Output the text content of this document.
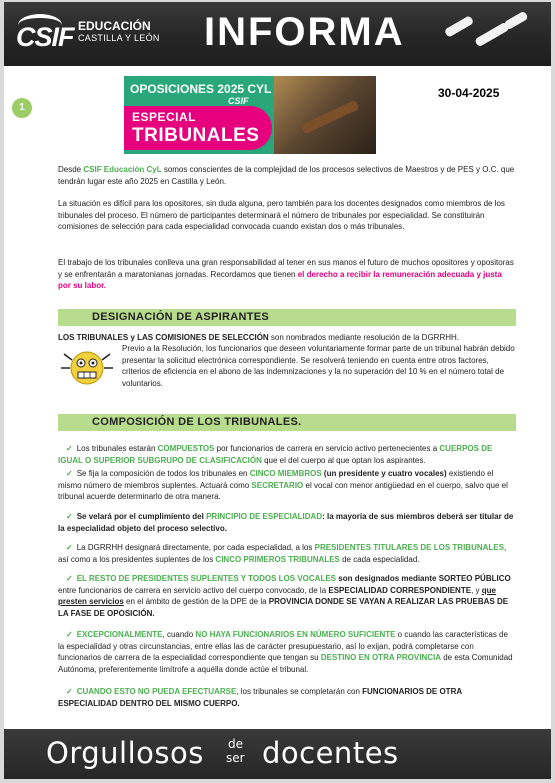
CSIF EDUCACIÓN
CASTILLA Y LEÓN INFORMA
OPOSICIONES 2025 CYL
CSIF
ESPECIAL
TRIBUNALES
30-04-2025
1

Desde CSIF Educación CyL somos conscientes de la complejidad de los procesos selectivos de Maestros y de PES y O.C. que tendrán lugar este año 2025 en Castilla y León.

La situación es difícil para los opositores, sin duda alguna, pero también para los docentes designados como miembros de los tribunales del proceso. El número de participantes determinará el número de tribunales por especialidad. Se constituirán comisiones de selección para cada especialidad convocada cuando existan dos o más tribunales.

El trabajo de los tribunales conlleva una gran responsabilidad al tener en sus manos el futuro de muchos opositores y opositoras y se enfrentarán a maratonianas jornadas. Recordamos que tienen el derecho a recibir la remuneración adecuada y justa por su labor.

DESIGNACIÓN DE ASPIRANTES

LOS TRIBUNALES y LAS COMISIONES DE SELECCIÓN son nombrados mediante resolución de la DGRRHH.

Previo a la Resolución, los funcionarios que deseen voluntariamente formar parte de un tribunal habrán debido presentar la solicitud electrónica correspondiente. Se resolverá teniendo en cuenta entre otros factores, criterios de eficiencia en el abono de las indemnizaciones y la no superación del 10 % en el número total de voluntarios.

COMPOSICIÓN DE LOS TRIBUNALES.

✓ Los tribunales estarán COMPUESTOS por funcionarios de carrera en servicio activo pertenecientes a CUERPOS DE IGUAL O SUPERIOR SUBGRUPO DE CLASIFICACIÓN que el del cuerpo al que optan los aspirantes.

✓ Se fija la composición de todos los tribunales en CINCO MIEMBROS (un presidente y cuatro vocales) existiendo el mismo número de miembros suplentes. Actuará como SECRETARIO el vocal con menor antigüedad en el cuerpo, salvo que el tribunal acuerde determinarlo de otra manera.

✓ Se velará por el cumplimiento del PRINCIPIO DE ESPECIALIDAD: la mayoría de sus miembros deberá ser titular de la especialidad objeto del proceso selectivo.

✓ La DGRRHH designará directamente, por cada especialidad, a los PRESIDENTES TITULARES DE LOS TRIBUNALES, así como a los presidentes suplentes de los CINCO PRIMEROS TRIBUNALES de cada especialidad.

✓ EL RESTO DE PRESIDENTES SUPLENTES Y TODOS LOS VOCALES son designados mediante SORTEO PÚBLICO entre funcionarios de carrera en servicio activo del cuerpo convocado, de la ESPECIALIDAD CORRESPONDIENTE, y que presten servicios en el ámbito de gestión de la DPE de la PROVINCIA DONDE SE VAYAN A REALIZAR LAS PRUEBAS DE LA FASE DE OPOSICIÓN.

✓ EXCEPCIONALMENTE, cuando NO HAYA FUNCIONARIOS EN NÚMERO SUFICIENTE o cuando las características de la especialidad y otras circunstancias, entre ellas las de carácter presupuestario, así lo exijan, podrá completarse con funcionarios de carrera de la especialidad correspondiente que tengan su DESTINO EN OTRA PROVINCIA de esta Comunidad Autónoma, preferentemente limítrofe a aquélla donde actúe el tribunal.

✓ CUANDO ESTO NO PUEDA EFECTUARSE, los tribunales se completarán con FUNCIONARIOS DE OTRA ESPECIALIDAD DENTRO DEL MISMO CUERPO.

Orgullosos de
ser docentes
